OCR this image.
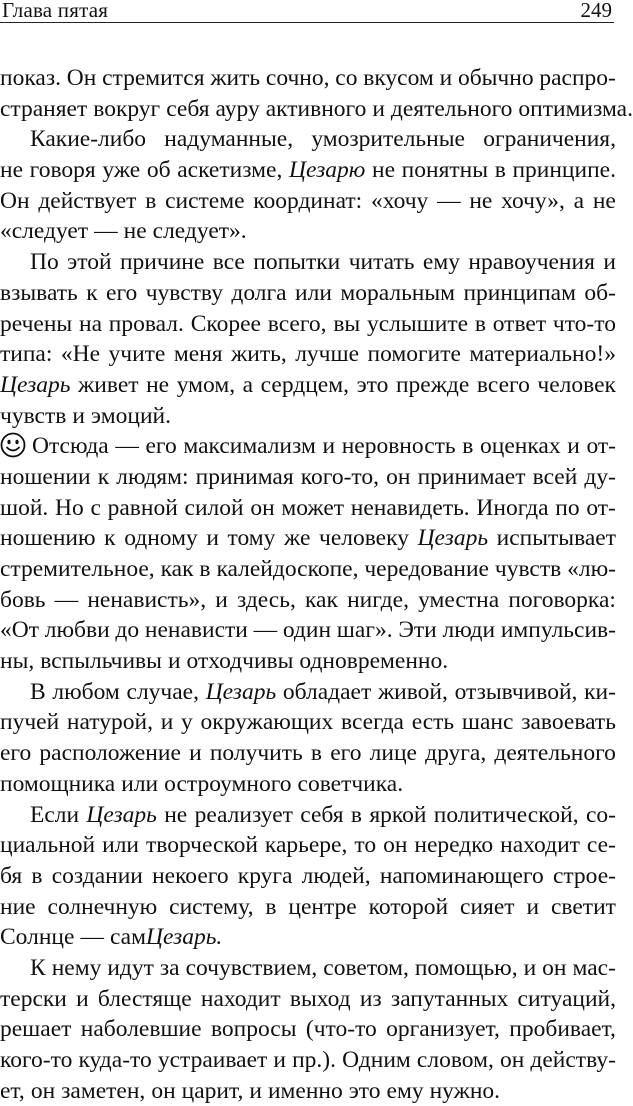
Глава пятая	249
показ. Он стремится жить сочно, со вкусом и обычно распро-
страняет вокруг себя ауру активного и деятельного оптимизма.
Какие-либо надуманные, умозрительные ограничения,
не говоря уже об аскетизме, Цезарю не понятны в принципе.
Он действует в системе координат: «хочу — не хочу», а не
«следует — не следует».
По этой причине все попытки читать ему нравоучения и
взывать к его чувству долга или моральным принципам об-
речены на провал. Скорее всего, вы услышите в ответ что-то
типа: «Не учите меня жить, лучше помогите материально!»
Цезарь живет не умом, а сердцем, это прежде всего человек
чувств и эмоций.
Отсюда — его максимализм и неровность в оценках и от-
ношении к людям: принимая кого-то, он принимает всей ду-
шой. Но с равной силой он может ненавидеть. Иногда по от-
ношению к одному и тому же человеку Цезарь испытывает
стремительное, как в калейдоскопе, чередование чувств «лю-
бовь — ненависть», и здесь, как нигде, уместна поговорка:
«От любви до ненависти — один шаг». Эти люди импульсив-
ны, вспыльчивы и отходчивы одновременно.
В любом случае, Цезарь обладает живой, отзывчивой, ки-
пучей натурой, и у окружающих всегда есть шанс завоевать
его расположение и получить в его лице друга, деятельного
помощника или остроумного советчика.
Если Цезарь не реализует себя в яркой политической, со-
циальной или творческой карьере, то он нередко находит се-
бя в создании некоего круга людей, напоминающего строе-
ние солнечную систему, в центре которой сияет и светит
Солнце — сам Цезарь.
К нему идут за сочувствием, советом, помощью, и он мас-
терски и блестяще находит выход из запутанных ситуаций,
решает наболевшие вопросы (что-то организует, пробивает,
кого-то куда-то устраивает и пр.). Одним словом, он действу-
ет, он заметен, он царит, и именно это ему нужно.
